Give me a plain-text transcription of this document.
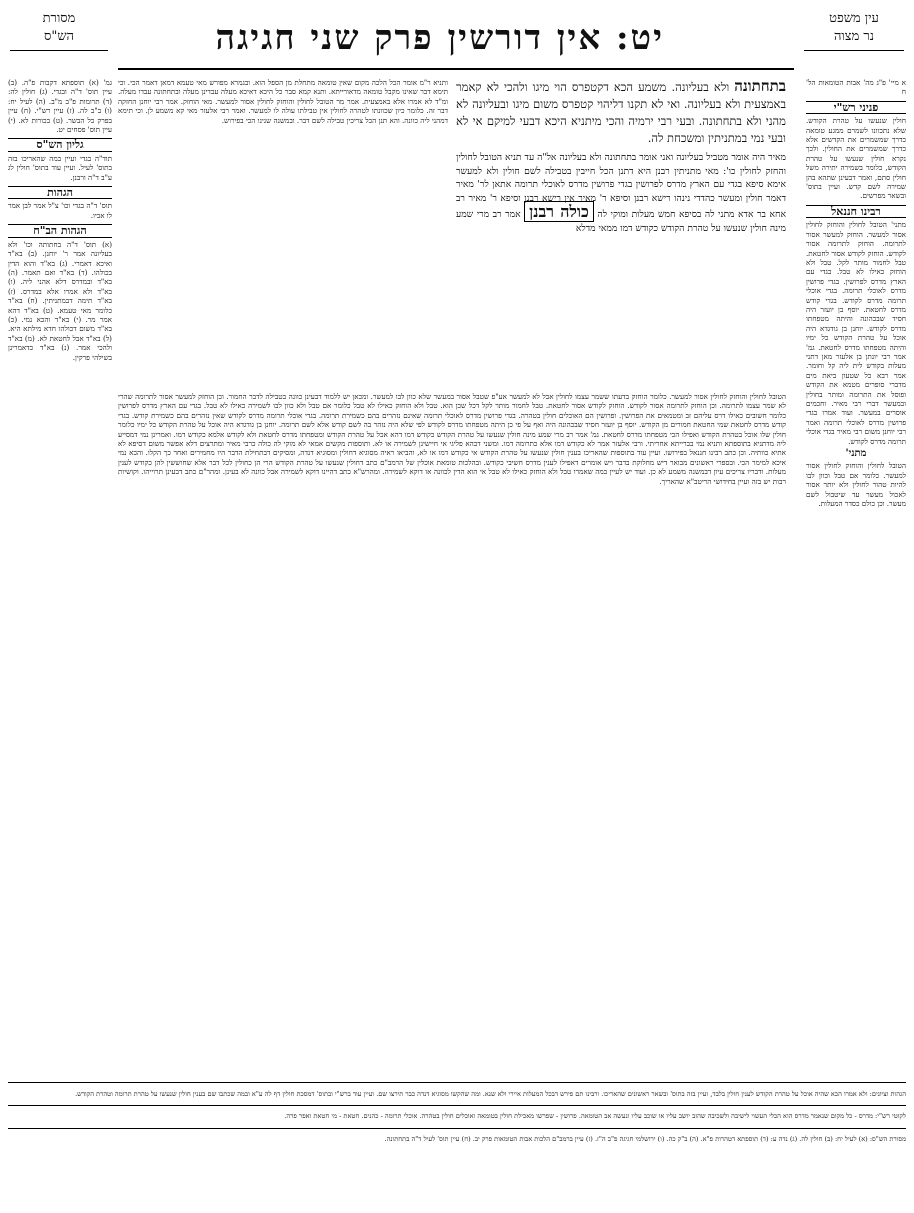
עין משפט
נר מצוה
יט: אין דורשין פרק שני חגיגה
מסורת
הש"ס

א מיי' פ"ג מה' אבות הטומאות הל' ח

פניני רש"י

חולין שנעשו על טהרת הקודש. שלא נתכוונו לשמרם ממגע טומאה כדרך שמשמרים את הקדשים אלא כדרך שמשמרים את החולין. ולכך נקרא חולין שנעשו על טהרת הקודש, כלומר בשמירה יתירה משל חולין סתם, ואמר דבעינן שתהא בהן שמירה לשם קדש. ועיין בתוס' ובשאר מפרשים.

רבינו חננאל

מתני' הטובל לחולין והוחזק לחולין אסור למעשר. הוחזק למעשר אסור לתרומה. הוחזק לתרומה אסור לקודש. הוחזק לקודש אסור לחטאת. טבל לחמור מותר לקל. טבל ולא הוחזק כאילו לא טבל. בגדי עם הארץ מדרס לפרושין. בגדי פרושין מדרס לאוכלי תרומה. בגדי אוכלי תרומה מדרס לקודש. בגדי קודש מדרס לחטאת. יוסף בן יועזר היה חסיד שבכהונה והיתה מטפחתו מדרס לקודש. יוחנן בן גודגדא היה אוכל על טהרת הקודש כל ימיו והיתה מטפחתו מדרס לחטאת. גמ' אמר רבי יונתן בן אלעזר מאן דתני מעלות בקודש לית ליה קל וחומר. אמר רבא כל שטעון ביאת מים מדברי סופרים מטמא את הקודש ופוסל את התרומה ומותר בחולין ובמעשר דברי רבי מאיר. וחכמים אוסרים במעשר. ועוד אמרו בגדי פרושין מדרס לאוכלי תרומה ואמר רבי יוחנן משום רבי מאיר בגדי אוכלי תרומה מדרס לקודש.

מתני'

הטובל לחולין והוחזק לחולין אסור למעשר. כלומר אם טבל וכוון לבו להיות טהור לחולין ולא יותר אסור לאכול מעשר עד שיטבול לשם מעשר. וכן כולם כסדר המעלות.

גמ' (א) תוספתא דקבות פ"ה. (ב) עיין תוס' ד"ה ובגדי. (ג) חולין לה: (ד) תרומות פ"ב מ"ב. (ה) לעיל יח: (ו) ב"ב לה. (ז) עיין רש"י. (ח) עיין בפרק כל הבשר. (ט) בכורות לא. (י) עיין תוס' פסחים יט.

גליון הש"ס

תוד"ה בגדי ועיין במה שהאריכו בזה בתוס' לעיל. ועיין עוד בתוס' חולין לג ע"ב ד"ה ורבנן.

הגהות

תוס' ד"ה בגדי וכו' צ"ל אמר לבן אמר לו אביו.

הגהות הב"ח

(א) תוס' ד"ה בחתותה וכו' ולא בעליונה אמר ר' יוחנן. (ב) בא"ד ואיכא דאמרי. (ג) בא"ד והוא הדין בכולהו. (ד) בא"ד ואם תאמר. (ה) בא"ד ובמדרס דלא אהני ליה. (ו) בא"ד ולא אמרו אלא במדרס. (ז) בא"ד תימה דבמתניתין. (ח) בא"ד כלומר מאי טעמא. (ט) בא"ד דהא אמר מר. (י) בא"ד והכא נמי. (כ) בא"ד משום דכולהו חדא מילתא היא. (ל) בא"ד אבל לחטאת לא. (מ) בא"ד ולהכי אמר. (נ) בא"ד כדאמרינן בשילהי פרקין.

בתחתונה ולא בעליונה. משמע הכא דקטפרס הוי מיגו ולהכי לא קאמר באמצעית ולא בעליונה. ואי לא תקנו דליהוי קטפרס משום מיגו ובעליונה לא מהני ולא בתחתונה. ובעי רבי ירמיה והכי מיתניא היכא דבעי למיקם אי לא ובעי נמי במתניתין ומשכחת לה.
מאיר היה אומר מטביל בעליונה ואני אומר בתחתונה ולא בעליונה אל"ה עד תניא הטובל לחולין והחזק לחולין כו': מאי מתניתין רבנן היא דתנן הכל חייבין בטבילה לשם חולין ולא למעשר אימא סיפא בגדי עם הארץ מדרס לפרושין בגדי פרושין מדרס לאוכלי תרומה אתאן לר' מאיר דאמר חולין ומעשר כהדדי נינהו רישא רבנן וסיפא ר' מאיר אין רישא רבנן וסיפא ר' מאיר רב אחא בר אדא מתני לה בסיפא חמש מעלות ומוקי לה כולה רבנן אמר רב מרי שמע מינה חולין שנעשו על טהרת הקודש כקודש דמו ממאי מדלא

ותניא ר"מ אומר הכל הלכה מקום שאין טומאה מתחלת מן הספל הוא. ובגמרא מפורש מאי טעמא דמאן דאמר הכי. וכי תימא דבר שאינו מקבל טומאה מדאורייתא. ותנא קמא סבר כל היכא דאיכא מעלה עבדינן מעלה ובתחתונה עבדו מעלה. ומ"ד לא אמרו אלא באמצעית. אמר מר הטובל לחולין והוחזק לחולין אסור למעשר. מאי הוחזק. אמר רבי יוחנן החזקה דבר זה. כלומר כיון שכוונתו לטהרה לחולין אין טבילתו עולה לו למעשר. ואמר רבי אלעזר מאי קא משמע לן. וכי תימא דמהני ליה כוונה. והא תנן הכל צריכין טבילה לשם דבר. ובמשנה שנינו הכי בפירוש.

הטובל לחולין והוחזק לחולין אסור למעשר. כלומר הוחזק בדעתו ששמר עצמו לחולין אבל לא למעשר אע"פ שטבל אסור במעשר שלא כוון לבו למעשר. ומכאן יש ללמוד דבעינן כוונה בטבילה לדבר החמור. וכן הוחזק למעשר אסור לתרומה שהרי לא שמר עצמו לתרומה. וכן הוחזק לתרומה אסור לקודש. הוחזק לקודש אסור לחטאת. טבל לחמור מותר לקל דכל שכן הוא. טבל ולא הוחזק כאילו לא טבל כלומר אם טבל ולא כוון לבו לשמירה כאילו לא טבל. בגדי עם הארץ מדרס לפרושין כלומר חשובים כאילו דרס עליהם זב ומטמאים את הפרושין. ופרושין הם האוכלים חולין בטהרה. בגדי פרושין מדרס לאוכלי תרומה שאינם נזהרים בהם כשמירת תרומה. בגדי אוכלי תרומה מדרס לקודש שאין נזהרים בהם כשמירת קודש. בגדי קודש מדרס לחטאת שמי החטאת חמורים מן הקודש. יוסף בן יועזר חסיד שבכהונה היה ואף על פי כן היתה מטפחתו מדרס לקודש לפי שלא היה נזהר בה לשם קודש אלא לשם תרומה. יוחנן בן גודגדא היה אוכל על טהרת הקודש כל ימיו כלומר חולין שלו אוכל בטהרת הקודש ואפילו הכי מטפחתו מדרס לחטאת. גמ' אמר רב מרי שמע מינה חולין שנעשו על טהרת הקודש כקודש דמו דהא אכל על טהרת הקודש ומטפחתו מדרס לחטאת ולא לקודש אלמא כקודש דמו. ואמרינן נמי דמסייע ליה מדתניא בתוספתא ותניא נמי בברייתא אחריתי. ורבי אלעזר אמר לא כקודש דמו אלא כתרומה דמו. ומשני דבהא פליגי אי חיישינן לשמירה או לא. ותוספות מקשים אמאי לא מוקי לה כולה כרבי מאיר ומתרצים דלא אפשר משום דסיפא לא אתיא כוותיה. וכן כתב רבינו חננאל בפירושו. ועיין עוד בתוספות שהאריכו בענין חולין שנעשו על טהרת הקודש אי כקודש דמו או לא, והביאו ראיה מסוגיא דחולין ומסוגיא דנדה, ומסיקים דבתחילת הדבר היו מחמירים ואחר כך הקלו. והכא נמי איכא למימר הכי. ובספרי ראשונים מבואר דיש מחלוקת בדבר ויש אומרים דאפילו לענין מדרס חשיבי כקודש. ובהלכות טומאת אוכלין של הרמב"ם כתב דחולין שנעשו על טהרת הקודש הרי הן כחולין לכל דבר אלא שחוששין להן כקודש לענין מעלות. ודבריו צריכים עיון דבמשנה משמע לא כן. ועוד יש לעיין במה שאמרו טבל ולא הוחזק כאילו לא טבל אי הוא הדין לכוונה או דוקא לשמירה. ומהרש"א כתב דהיינו דוקא לשמירה אבל כוונה לא בעינן. ומהר"ם כתב דבעינן תרוייהו. וקושיות רבות יש בזה ועיין בחידושי הריטב"א שהאריך.

הגהות וציונים: ולא אמרו הכא שהיה אוכל על טהרת הקודש לענין חולין בלבד, ועיין בזה בתוס' ובשאר ראשונים שהאריכו. ורבינו תם פירש דבכל המעלות איירי ולא שנא. ומה שהקשו מסוגיא דנדה כבר תירצו שם. ועיין עוד ברש"י ובתוס' דמסכת חולין דף לה ע"א ובמה שכתבו שם בענין חולין שנעשו על טהרת תרומה וטהרת הקודש.

לקוטי רש"י: מדרס - כל מקום שנאמר מדרס הוא הכלי העשוי לישיבה ולשכיבה שהזב יושב עליו או שוכב עליו ונעשה אב הטומאה. פרושין - שפרשו מאכילת חולין בטומאה ואוכלים חולין בטהרה. אוכלי תרומה - כהנים. חטאת - מי חטאת ואפר פרה.

מסורת הש"ס: (א) לעיל יח: (ב) חולין לה. (ג) נדה ע: (ד) תוספתא דטהרות פ"א. (ה) ב"ק כה. (ו) ירושלמי חגיגה פ"ב ה"ז. (ז) עיין ברמב"ם הלכות אבות הטומאות פרק יב. (ח) עיין תוס' לעיל ד"ה בתחתונה.
